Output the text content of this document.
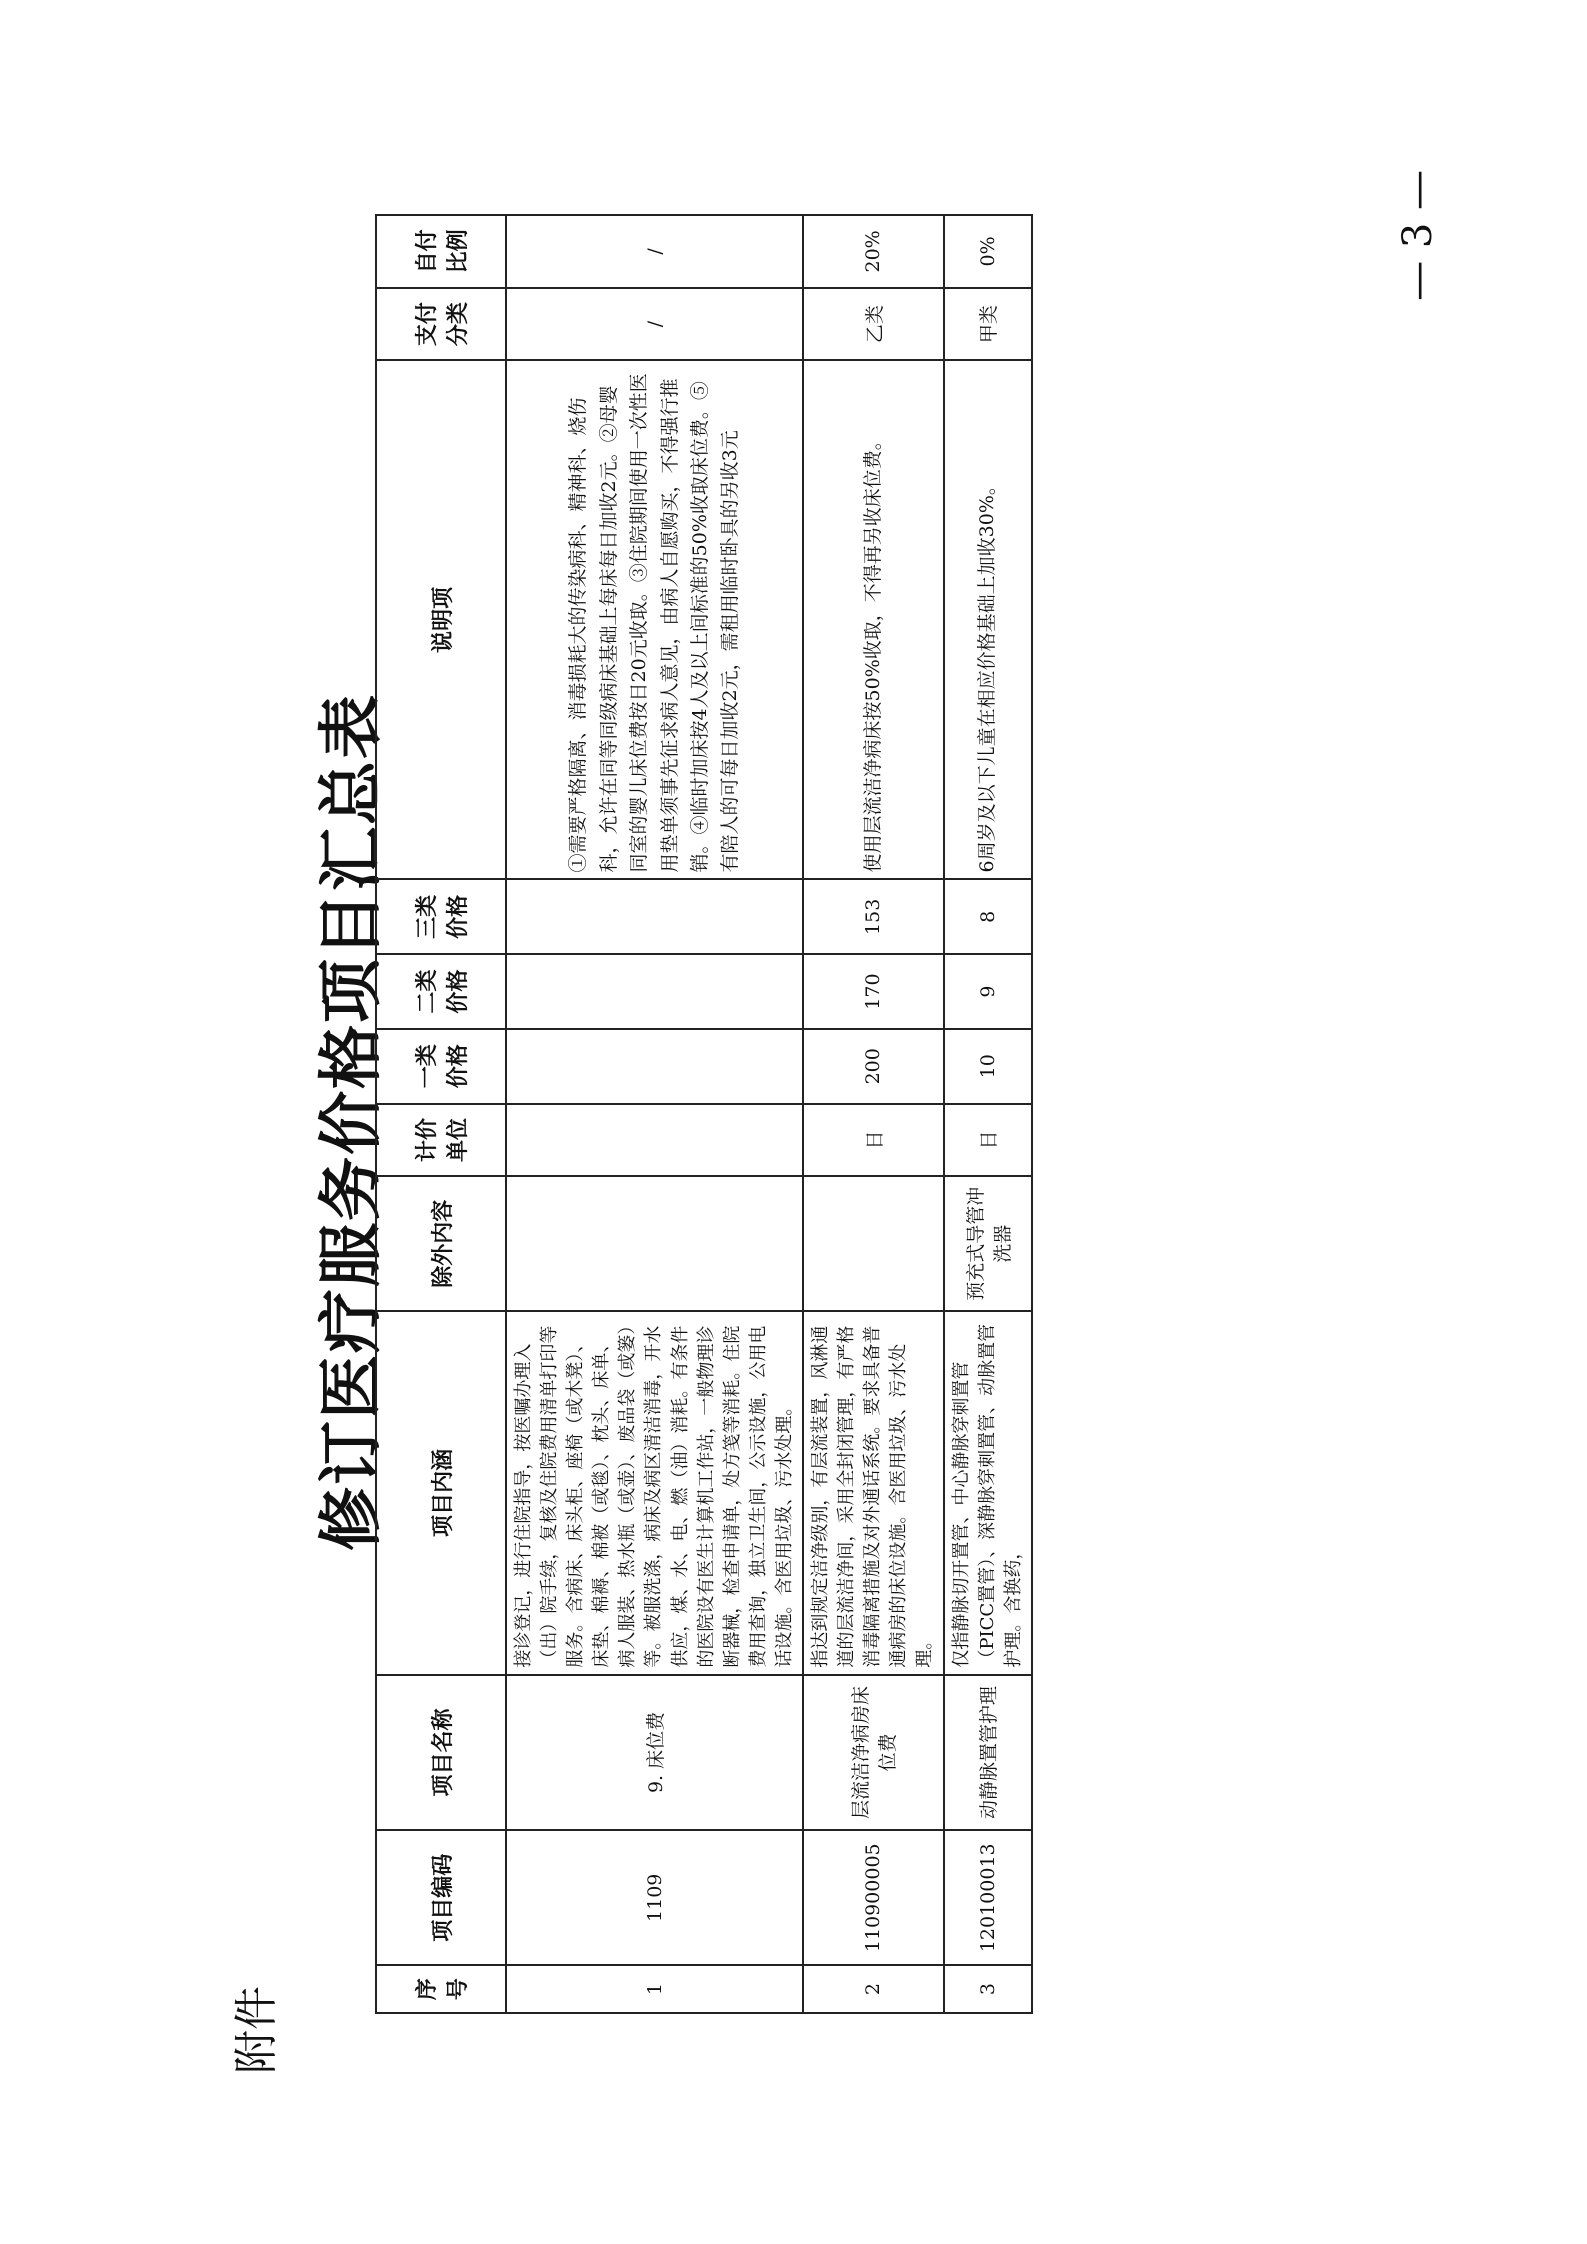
附件
修订医疗服务价格项目汇总表
序号	项目编码	项目名称	项目内涵	除外内容	计价单位	一类价格	二类价格	三类价格	说明项	支付分类	自付比例
1	1109	9. 床位费	接诊登记，进行住院指导，按医嘱办理入（出）院手续，复核及住院费用清单打印等服务。含病床、床头柜、座椅（或木凳）、床垫、棉褥、棉被（或毯）、枕头、床单、病人服装、热水瓶（或壶）、废品袋（或篓）等。被服洗涤，病床及病区清洁消毒，开水供应，煤、水、电、燃（油）消耗。有条件的医院设有医生计算机工作站，一般物理诊断器械，检查申请单，处方笺等消耗。住院费用查询，独立卫生间，公示设施，公用电话设施。含医用垃圾、污水处理。						①需要严格隔离、消毒损耗大的传染病科、精神科、烧伤科，允许在同等同级病床基础上每床每日加收2元。②母婴同室的婴儿床位费按日20元收取。③住院期间使用一次性医用垫单须事先征求病人意见，由病人自愿购买，不得强行推销。④临时加床按4人及以上间标准的50%收取床位费。⑤有陪人的可每日加收2元，需租用临时卧具的另收3元	/	/
2	110900005	层流洁净病房床位费	指达到规定洁净级别，有层流装置，风淋通道的层流洁净间，采用全封闭管理，有严格消毒隔离措施及对外通话系统。要求具备普通病房的床位设施。含医用垃圾、污水处理。		日	200	170	153	使用层流洁净病床按50%收取，不得再另收床位费。	乙类	20%
3	120100013	动静脉置管护理	仅指静脉切开置管、中心静脉穿刺置管（PICC置管）、深静脉穿刺置管、动脉置管护理。含换药，	预充式导管冲洗器	日	10	9	8	6周岁及以下儿童在相应价格基础上加收30%。	甲类	0%	— 3 —
